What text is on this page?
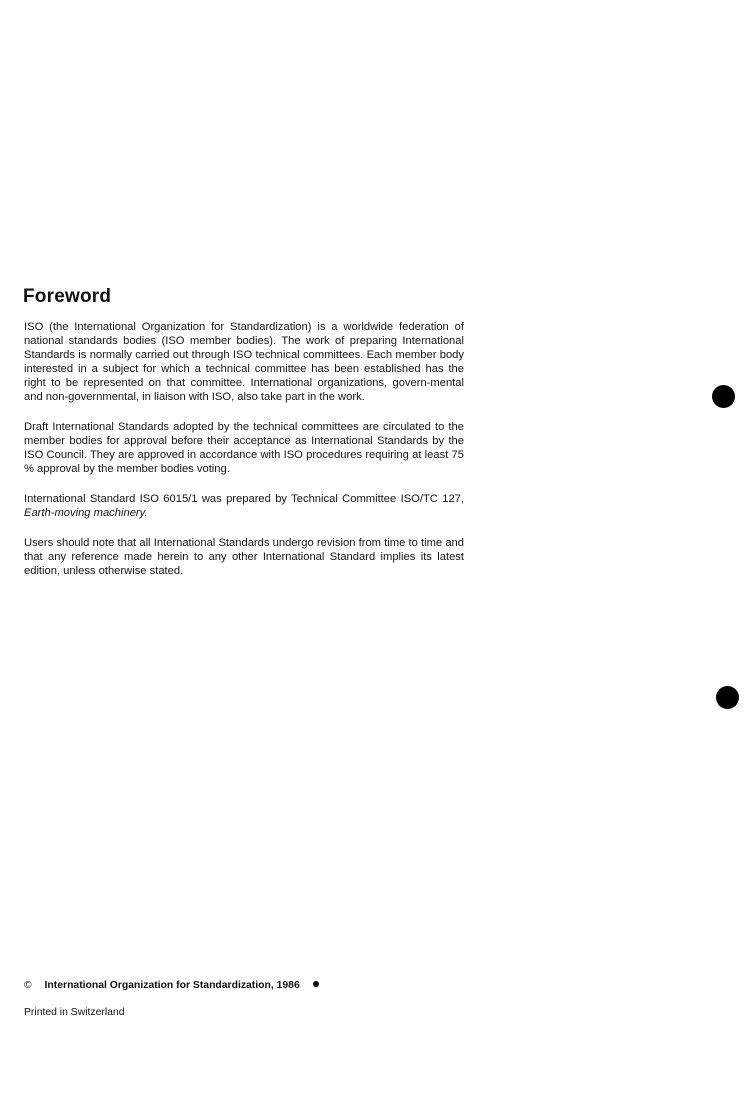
Foreword

ISO (the International Organization for Standardization) is a worldwide federation of national standards bodies (ISO member bodies). The work of preparing International Standards is normally carried out through ISO technical committees. Each member body interested in a subject for which a technical committee has been established has the right to be represented on that committee. International organizations, govern-mental and non-governmental, in liaison with ISO, also take part in the work.

Draft International Standards adopted by the technical committees are circulated to the member bodies for approval before their acceptance as International Standards by the ISO Council. They are approved in accordance with ISO procedures requiring at least 75 % approval by the member bodies voting.

International Standard ISO 6015/1 was prepared by Technical Committee ISO/TC 127, Earth-moving machinery.

Users should note that all International Standards undergo revision from time to time and that any reference made herein to any other International Standard implies its latest edition, unless otherwise stated.

© International Organization for Standardization, 1986
Printed in Switzerland
